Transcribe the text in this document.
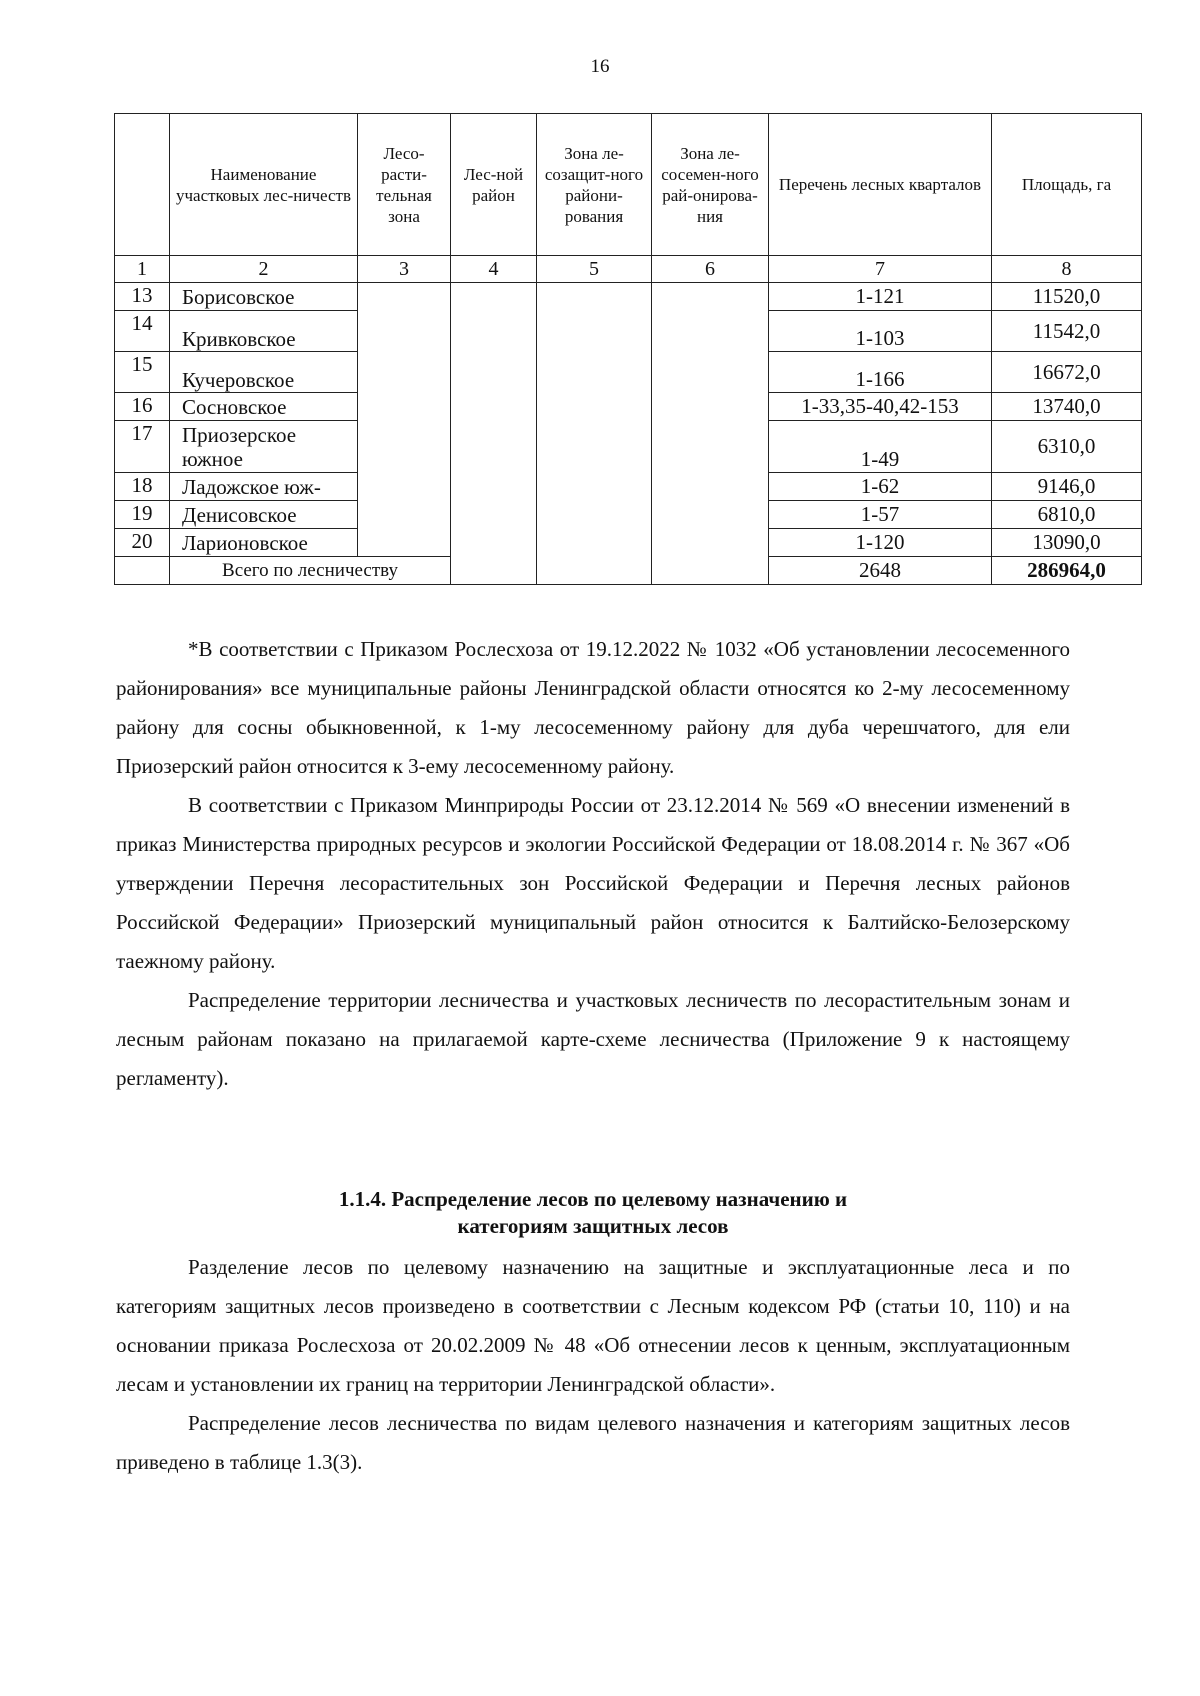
16
	Наименование участковых лес-ничеств	Лесо-расти-тельная зона	Лес-ной район	Зона ле-созащит-ного райони-рования	Зона ле-сосемен-ного рай-онирова-ния	Перечень лесных кварталов	Площадь, га
1	2	3	4	5	6	7	8
13	Борисовское					1-121	11520,0
14	Кривковское					1-103	11542,0
15	Кучеровское					1-166	16672,0
16	Сосновское					1-33,35-40,42-153	13740,0
17	Приозерское южное					1-49	6310,0
18	Ладожское юж-					1-62	9146,0
19	Денисовское					1-57	6810,0
20	Ларионовское					1-120	13090,0
	Всего по лесничеству					2648	286964,0

*В соответствии с Приказом Рослесхоза от 19.12.2022 № 1032 «Об установлении лесосеменного районирования» все муниципальные районы Ленинградской области относятся ко 2-му лесосеменному району для сосны обыкновенной, к 1-му лесосеменному району для дуба черешчатого, для ели Приозерский район относится к 3-ему лесосеменному району.

В соответствии с Приказом Минприроды России от 23.12.2014 № 569 «О внесении изменений в приказ Министерства природных ресурсов и экологии Российской Федерации от 18.08.2014 г. № 367 «Об утверждении Перечня лесорастительных зон Российской Федерации и Перечня лесных районов Российской Федерации» Приозерский муниципальный район относится к Балтийско-Белозерскому таежному району.

Распределение территории лесничества и участковых лесничеств по лесорастительным зонам и лесным районам показано на прилагаемой карте-схеме лесничества (Приложение 9 к настоящему регламенту).

1.1.4. Распределение лесов по целевому назначению и
категориям защитных лесов

Разделение лесов по целевому назначению на защитные и эксплуатационные леса и по категориям защитных лесов произведено в соответствии с Лесным кодексом РФ (статьи 10, 110) и на основании приказа Рослесхоза от 20.02.2009 № 48 «Об отнесении лесов к ценным, эксплуатационным лесам и установлении их границ на территории Ленинградской области».

Распределение лесов лесничества по видам целевого назначения и категориям защитных лесов приведено в таблице 1.3(3).
